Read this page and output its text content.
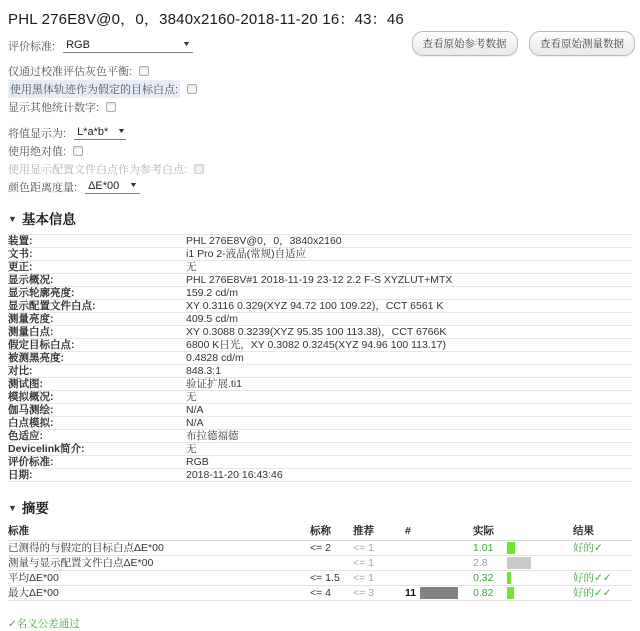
PHL 276E8V@0，0，3840x2160-2018-11-20 16：43：46
查看原始参考数据	查看原始测量数据
评价标准: RGB	▼
仅通过校准评估灰色平衡:
使用黑体轨迹作为假定的目标白点:
显示其他统计数字:
将值显示为: L*a*b* ▼
使用绝对值:
使用显示配置文件白点作为参考白点:
颜色距离度量: ΔE*00 ▼
▼ 基本信息
装置:	PHL 276E8V@0，0，3840x2160
文书:	i1 Pro 2-液晶(常规)自适应
更正:	无
显示概况:	PHL 276E8V#1 2018-11-19 23-12 2.2 F-S XYZLUT+MTX
显示轮廓亮度:	159.2 cd/m
显示配置文件白点:	XY 0.3116 0.329(XYZ 94.72 100 109.22)，CCT 6561 K
测量亮度:	409.5 cd/m
测量白点:	XY 0.3088 0.3239(XYZ 95.35 100 113.38)，CCT 6766K
假定目标白点:	6800 K日光，XY 0.3082 0.3245(XYZ 94.96 100 113.17)
被测黑亮度:	0.4828 cd/m
对比:	848.3:1
测试图:	验证扩展.ti1
模拟概况:	无
伽马测绘:	N/A
白点模拟:	N/A
色适应:	布拉德福德
Devicelink简介:	无
评价标准:	RGB
日期:	2018-11-20 16:43:46
▼ 摘要
标准	标称	推荐	#	实际		结果
已测得的与假定的目标白点ΔE*00	<= 2	<= 1		1.01		好的✓
测量与显示配置文件白点ΔE*00		<= 1		2.8		
平均ΔE*00	<= 1.5	<= 1		0.32		好的✓✓
最大ΔE*00	<= 4	<= 3	11	0.82		好的✓✓
✓名义公差通过
